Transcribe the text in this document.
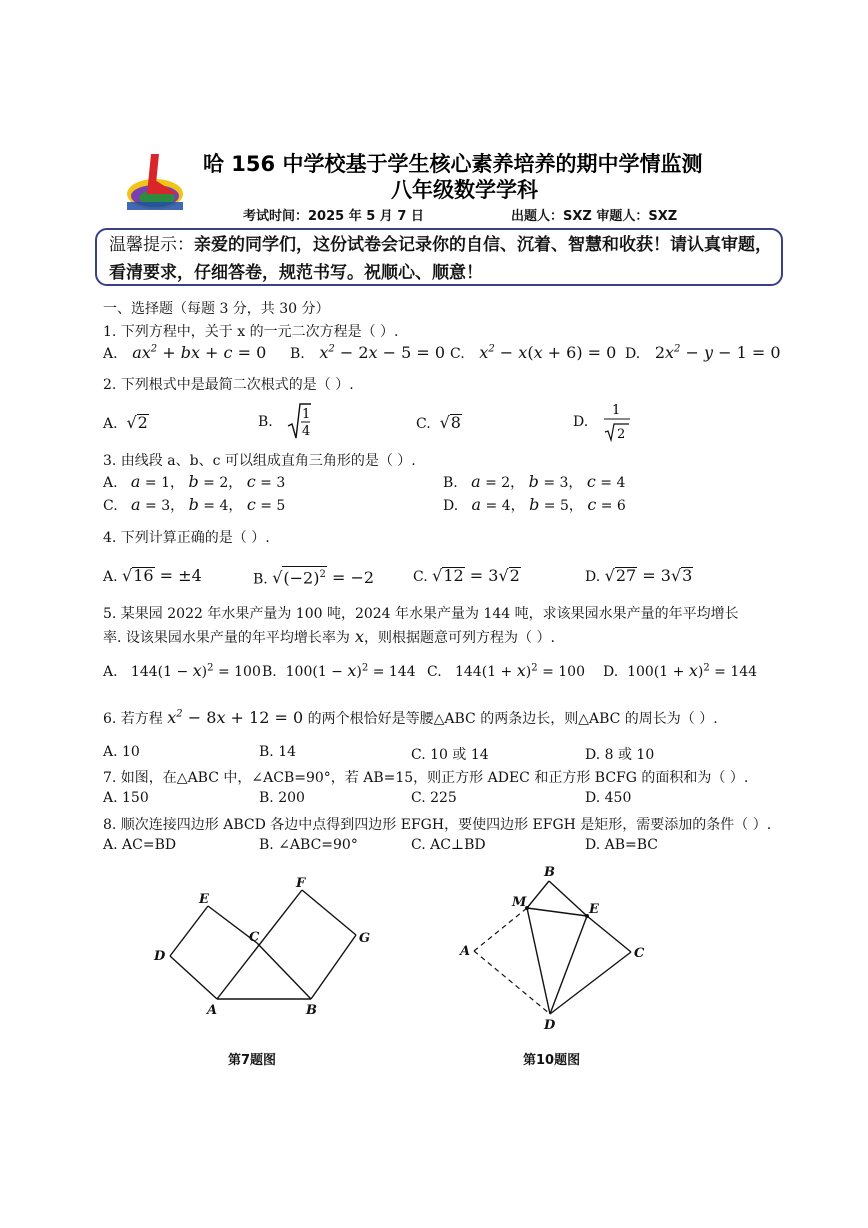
哈 156 中学校基于学生核心素养培养的期中学情监测
八年级数学学科
考试时间：2025 年 5 月 7 日	出题人：SXZ 审题人：SXZ
温馨提示：亲爱的同学们，这份试卷会记录你的自信、沉着、智慧和收获！请认真审题，看清要求，仔细答卷，规范书写。祝顺心、顺意！
一、选择题（每题 3 分，共 30 分）
1. 下列方程中，关于 x 的一元二次方程是（ ）.
A.   $ax^2$ + bx + c = 0 B.   $x^2 - 2x - 5 = 0$ C.   $x^2 - x(x + 6) = 0$ D. $2x^2 - y - 1 = 0$
2. 下列根式中是最简二次根式的是（ ）.
A.  √2	B. 1
4	C.  √8	D.
1
2
3. 由线段 a、b、c 可以组成直角三角形的是（ ）.
A.   a = 1， b = 2， c = 3	B.   a = 2， b = 3， c = 4
C.   a = 3， b = 4， c = 5	D.   a = 4， b = 5， c = 6
4. 下列计算正确的是（ ）.
A. √16 = ±4	B. $√(-2)^2 = -2$	C. √12 = 3√2	D. √27 = 3√3
5. 某果园 2022 年水果产量为 100 吨，2024 年水果产量为 144 吨，求该果园水果产量的年平均增长
率. 设该果园水果产量的年平均增长率为 x，则根据题意可列方程为（ ）.
A.   $144(1 - x)^2 = 100$ B.  $100(1 - x)^2 = 144$ C.   $144(1 + x)^2 = 100$ D.  $100(1 + x)^2 = 144$
6. 若方程 $x^2 - 8x + 12 = 0$ 的两个根恰好是等腰△ABC 的两条边长，则△ABC 的周长为（ ）.
A. 10	B. 14	C. 10 或 14	D. 8 或 10
7. 如图，在△ABC 中，∠ACB=90°，若 AB=15，则正方形 ADEC 和正方形 BCFG 的面积和为（ ）.
A. 150	B. 200	C. 225	D. 450
8. 顺次连接四边形 ABCD 各边中点得到四边形 EFGH，要使四边形 EFGH 是矩形，需要添加的条件（ ）.
A. AC=BD	B. ∠ABC=90°	C. AC⊥BD	D. AB=BC
E
F
C	G
D
A	B
第7题图
B
M	E
A	C
D
第10题图
